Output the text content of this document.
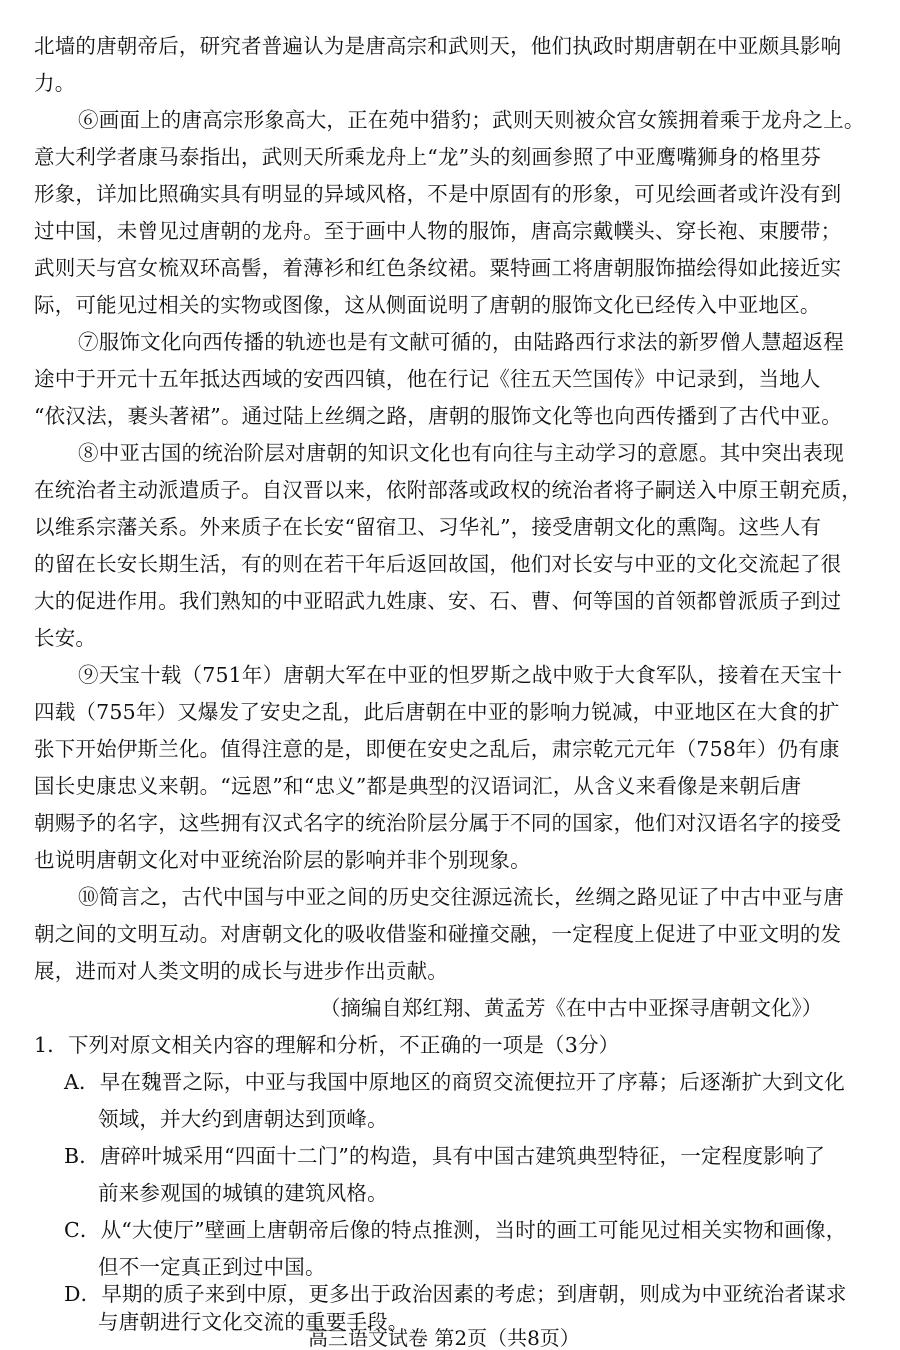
北墙的唐朝帝后，研究者普遍认为是唐高宗和武则天，他们执政时期唐朝在中亚颇具影响
力。
⑥画面上的唐高宗形象高大，正在苑中猎豹；武则天则被众宫女簇拥着乘于龙舟之上。
意大利学者康马泰指出，武则天所乘龙舟上“龙”头的刻画参照了中亚鹰嘴狮身的格里芬
形象，详加比照确实具有明显的异域风格，不是中原固有的形象，可见绘画者或许没有到
过中国，未曾见过唐朝的龙舟。至于画中人物的服饰，唐高宗戴幞头、穿长袍、束腰带；
武则天与宫女梳双环高髻，着薄衫和红色条纹裙。粟特画工将唐朝服饰描绘得如此接近实
际，可能见过相关的实物或图像，这从侧面说明了唐朝的服饰文化已经传入中亚地区。
⑦服饰文化向西传播的轨迹也是有文献可循的，由陆路西行求法的新罗僧人慧超返程
途中于开元十五年抵达西域的安西四镇，他在行记《往五天竺国传》中记录到，当地人
“依汉法，裹头著裙”。通过陆上丝绸之路，唐朝的服饰文化等也向西传播到了古代中亚。
⑧中亚古国的统治阶层对唐朝的知识文化也有向往与主动学习的意愿。其中突出表现
在统治者主动派遣质子。自汉晋以来，依附部落或政权的统治者将子嗣送入中原王朝充质，
以维系宗藩关系。外来质子在长安“留宿卫、习华礼”，接受唐朝文化的熏陶。这些人有
的留在长安长期生活，有的则在若干年后返回故国，他们对长安与中亚的文化交流起了很
大的促进作用。我们熟知的中亚昭武九姓康、安、石、曹、何等国的首领都曾派质子到过
长安。
⑨天宝十载（751年）唐朝大军在中亚的怛罗斯之战中败于大食军队，接着在天宝十
四载（755年）又爆发了安史之乱，此后唐朝在中亚的影响力锐减，中亚地区在大食的扩
张下开始伊斯兰化。值得注意的是，即便在安史之乱后，肃宗乾元元年（758年）仍有康
国长史康忠义来朝。“远恩”和“忠义”都是典型的汉语词汇，从含义来看像是来朝后唐
朝赐予的名字，这些拥有汉式名字的统治阶层分属于不同的国家，他们对汉语名字的接受
也说明唐朝文化对中亚统治阶层的影响并非个别现象。
⑩简言之，古代中国与中亚之间的历史交往源远流长，丝绸之路见证了中古中亚与唐
朝之间的文明互动。对唐朝文化的吸收借鉴和碰撞交融，一定程度上促进了中亚文明的发
展，进而对人类文明的成长与进步作出贡献。
（摘编自郑红翔、黄孟芳《在中古中亚探寻唐朝文化》）
1．下列对原文相关内容的理解和分析，不正确的一项是（3分）
A．早在魏晋之际，中亚与我国中原地区的商贸交流便拉开了序幕；后逐渐扩大到文化
领域，并大约到唐朝达到顶峰。
B．唐碎叶城采用“四面十二门”的构造，具有中国古建筑典型特征，一定程度影响了
前来参观国的城镇的建筑风格。
C．从“大使厅”壁画上唐朝帝后像的特点推测，当时的画工可能见过相关实物和画像，
但不一定真正到过中国。
D．早期的质子来到中原，更多出于政治因素的考虑；到唐朝，则成为中亚统治者谋求
与唐朝进行文化交流的重要手段。
高三语文试卷 第2页（共8页）
